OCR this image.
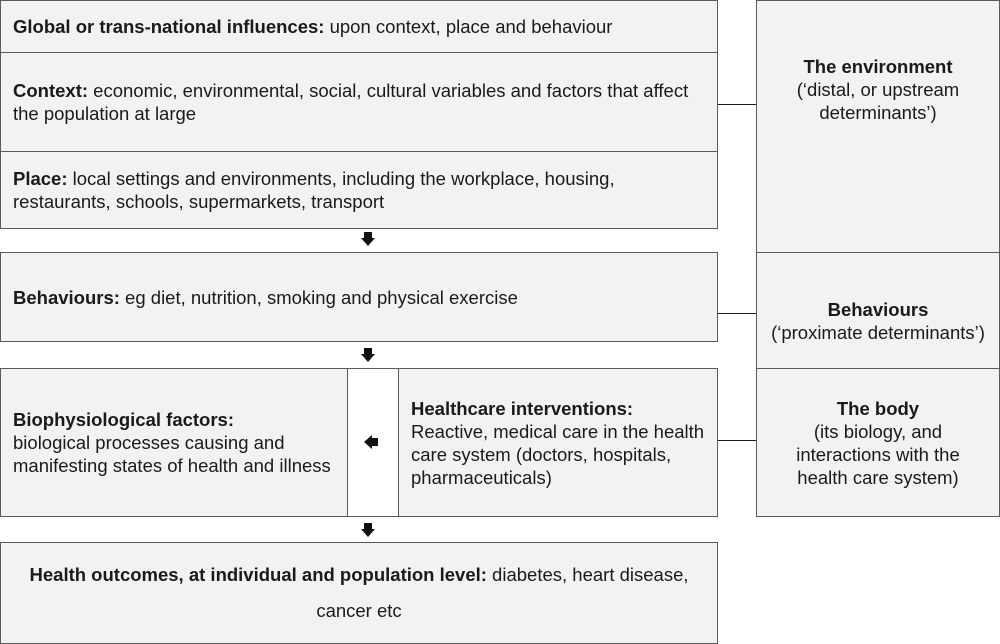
Global or trans-national influences: upon context, place and behaviour
Context: economic, environmental, social, cultural variables and factors that affect the population at large
Place: local settings and environments, including the workplace, housing, restaurants, schools, supermarkets, transport
Behaviours: eg diet, nutrition, smoking and physical exercise
Biophysiological factors:
biological processes causing and manifesting states of health and illness
Healthcare interventions:
Reactive, medical care in the health care system (doctors, hospitals, pharmaceuticals)
Health outcomes, at individual and population level: diabetes, heart disease, cancer etc
The environment
(‘distal, or upstream determinants’)
Behaviours
(‘proximate determinants’)
The body
(its biology, and interactions with the health care system)
